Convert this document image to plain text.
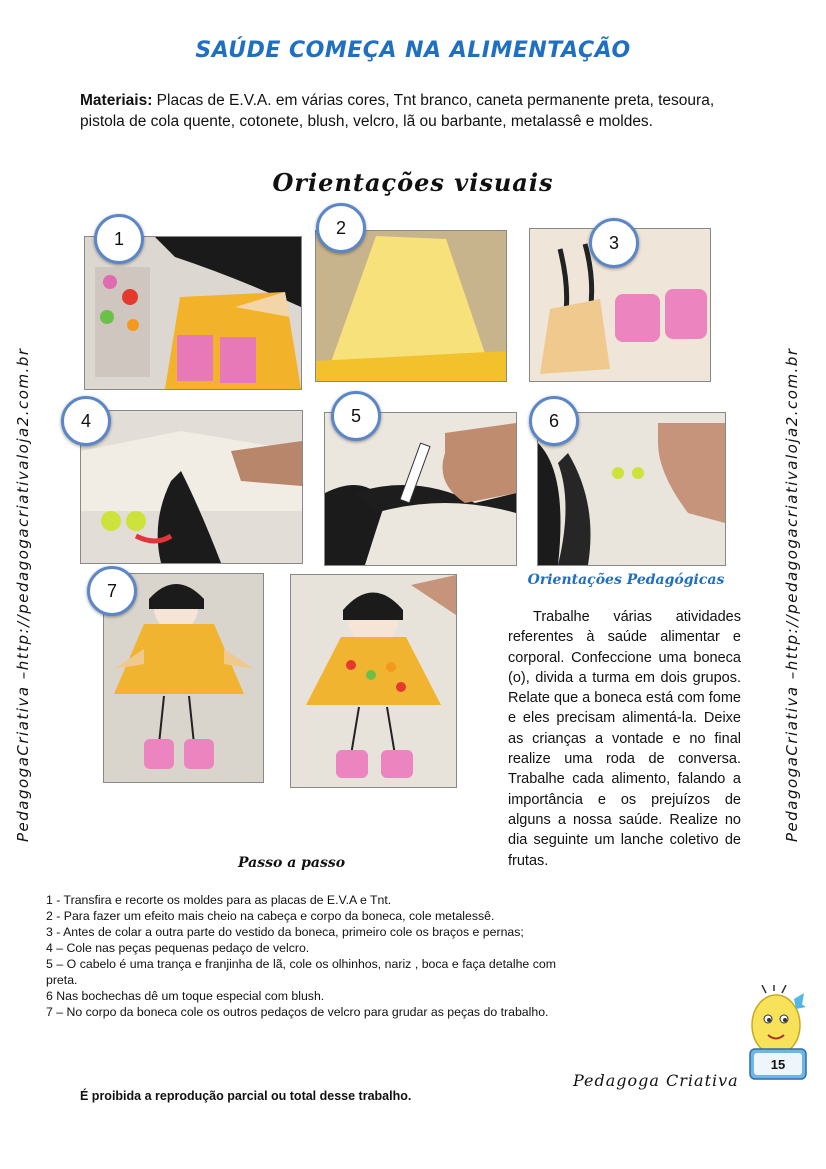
SAÚDE COMEÇA NA ALIMENTAÇÃO
Materiais: Placas de E.V.A. em várias cores, Tnt branco, caneta permanente preta, tesoura, pistola de cola quente, cotonete, blush, velcro, lã ou barbante, metalassê e moldes.
Orientações visuais
PedagogaCriativa –http://pedagogacriativaloja2.com.br	PedagogaCriativa –http://pedagogacriativaloja2.com.br
1
2
3
4	5	6
7
Orientações Pedagógicas
Trabalhe várias atividades referentes à saúde alimentar e corporal. Confeccione uma boneca (o), divida a turma em dois grupos. Relate que a boneca está com fome e eles precisam alimentá-la. Deixe as crianças a vontade e no final realize uma roda de conversa. Trabalhe cada alimento, falando a importância e os prejuízos de alguns a nossa saúde. Realize no dia seguinte um lanche coletivo de frutas.
Passo a passo
1 - Transfira e recorte os moldes para as placas de E.V.A e Tnt.
2 - Para fazer um efeito mais cheio na cabeça e corpo da boneca, cole metalessê.
3 - Antes de colar a outra parte do vestido da boneca, primeiro cole os braços e pernas;
4 – Cole nas peças pequenas pedaço de velcro.
5 – O cabelo é uma trança e franjinha de lã, cole os olhinhos, nariz , boca e faça detalhe com preta.
6 Nas bochechas dê um toque especial com blush.
7 – No corpo da boneca cole os outros pedaços de velcro para grudar as peças do trabalho.
Pedagoga Criativa
É proibida a reprodução parcial ou total desse trabalho.
15
